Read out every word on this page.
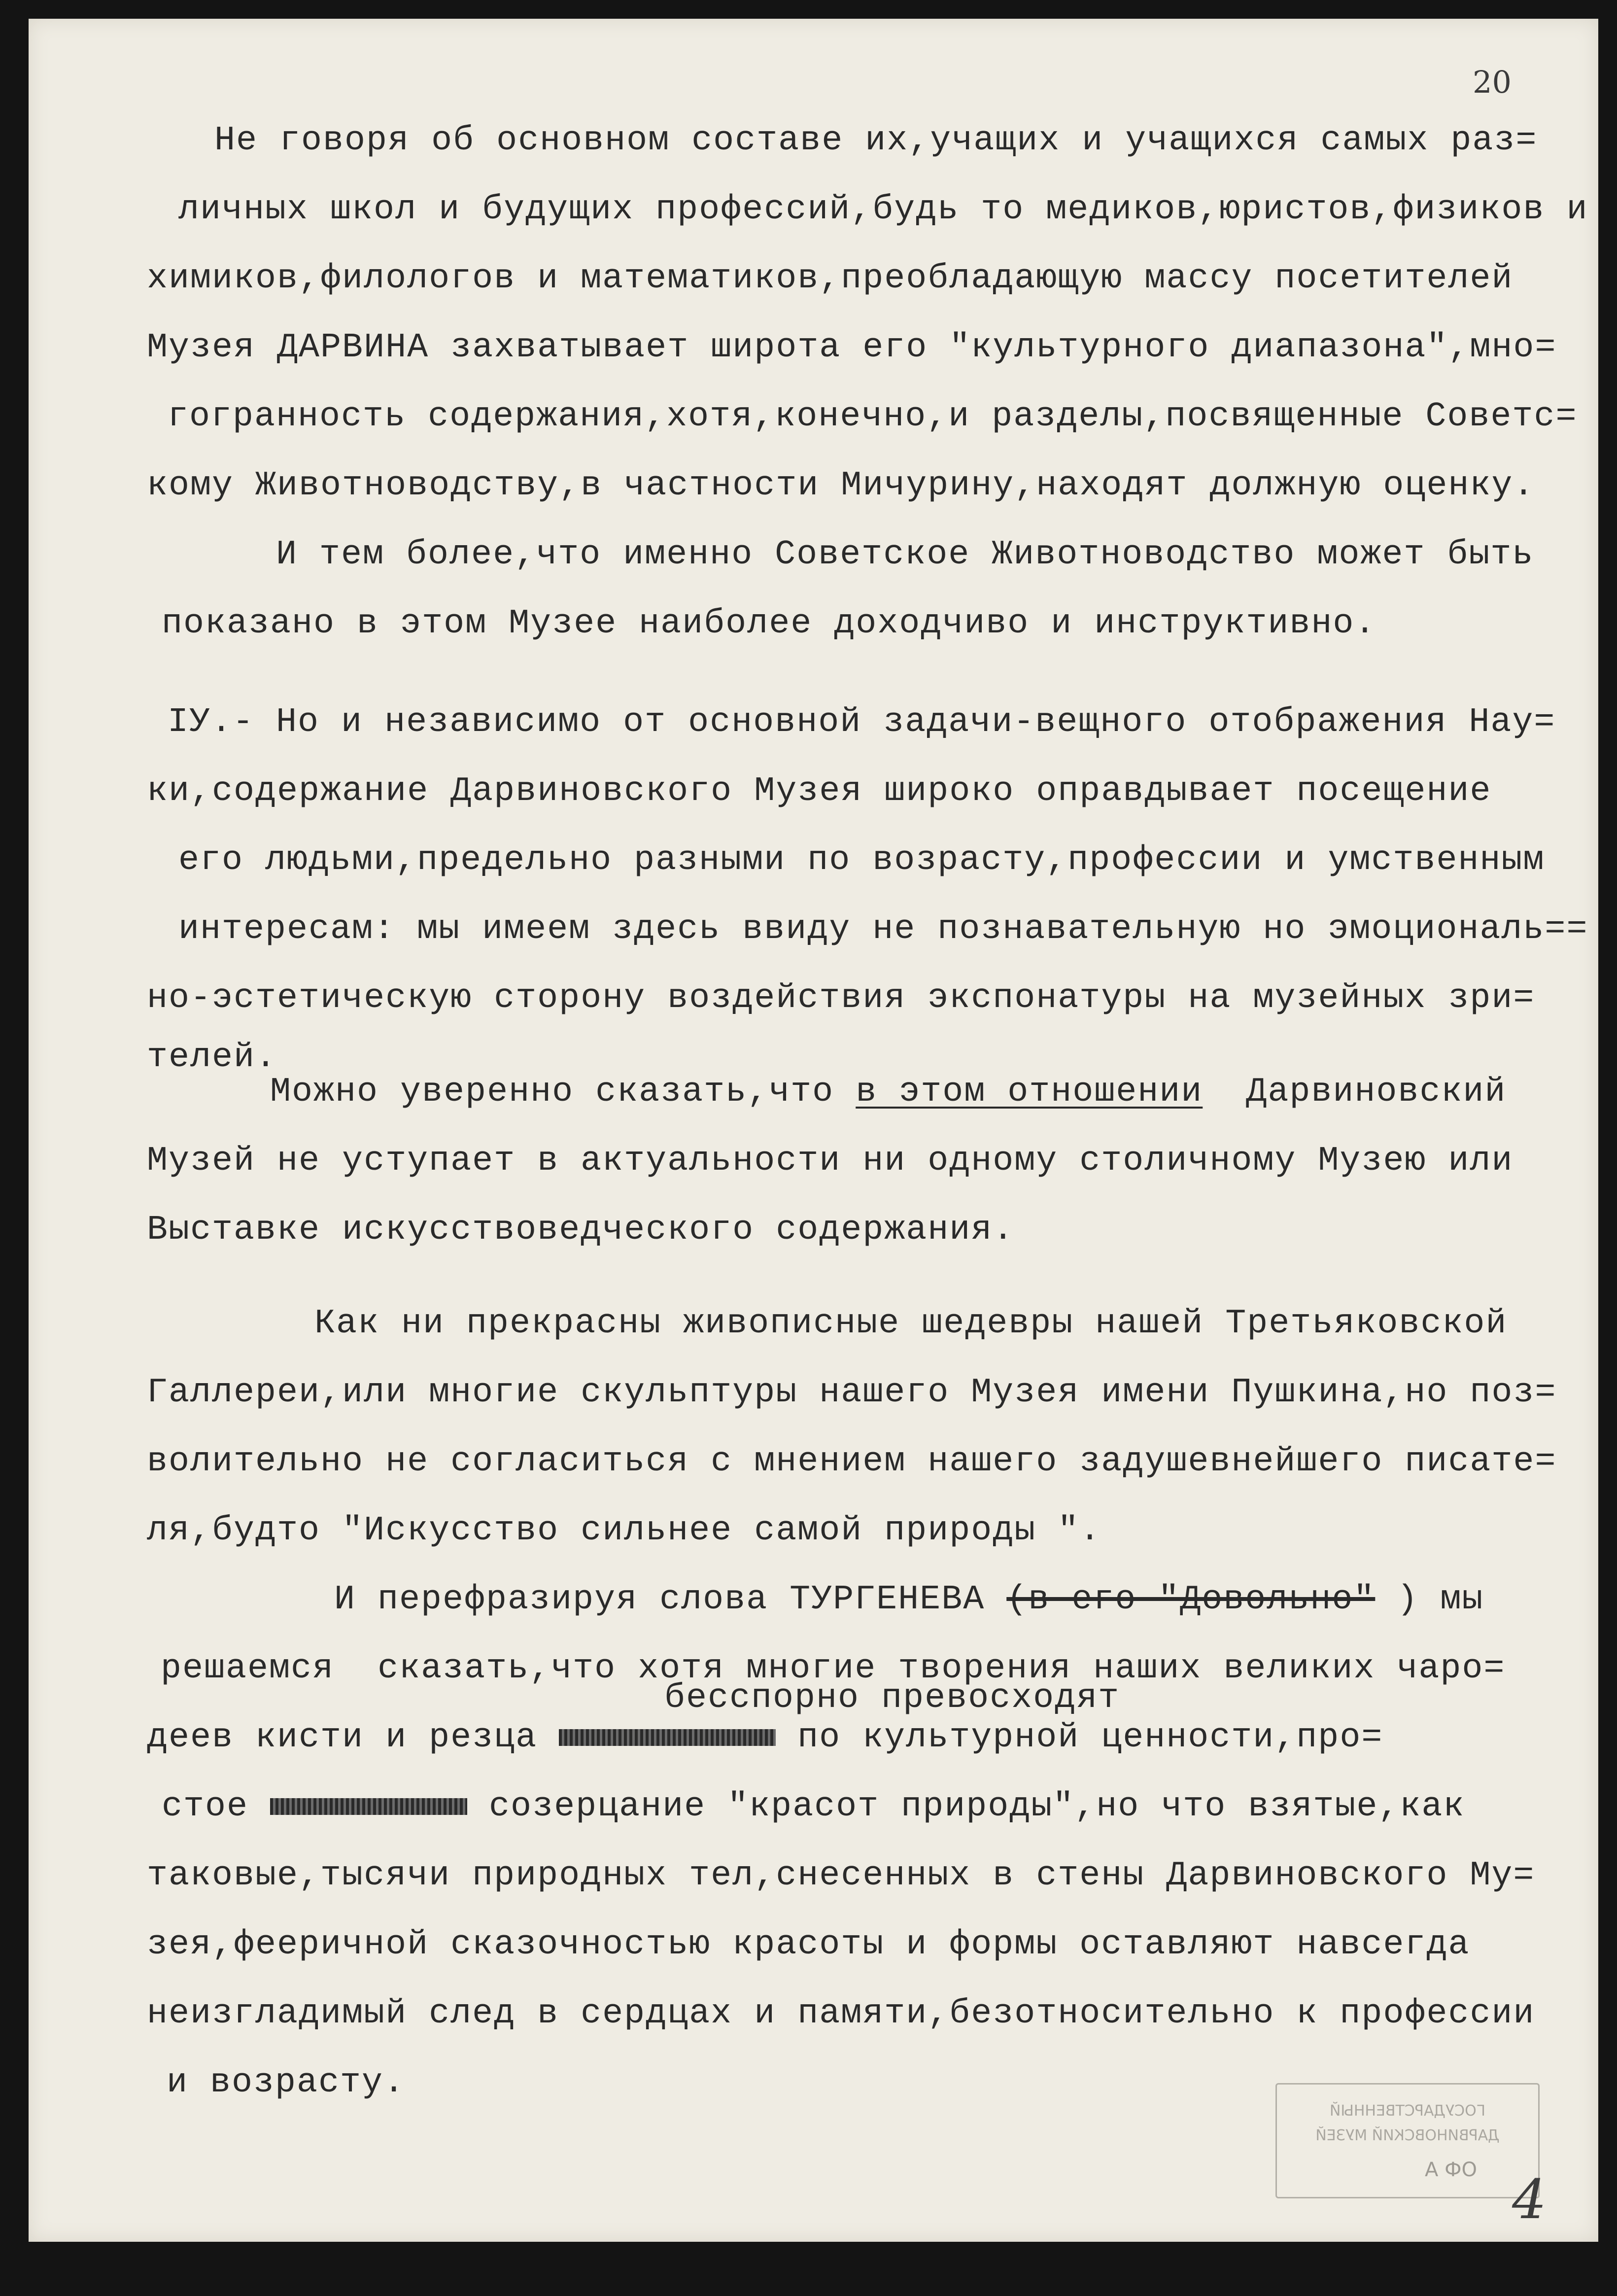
20
Не говоря об основном составе их,учащих и учащихся самых раз=
личных школ и будущих профессий,будь то медиков,юристов,физиков и
химиков,филологов и математиков,преобладающую массу посетителей
Музея ДАРВИНА захватывает широта его "культурного диапазона",мно=
гогранность содержания,хотя,конечно,и разделы,посвященные Советс=
кому Животноводству,в частности Мичурину,находят должную оценку.
И тем более,что именно Советское Животноводство может быть
показано в этом Музее наиболее доходчиво и инструктивно.
IУ.- Но и независимо от основной задачи-вещного отображения Нау=
ки,содержание Дарвиновского Музея широко оправдывает посещение
его людьми,предельно разными по возрасту,профессии и умственным
интересам: мы имеем здесь ввиду не познавательную но эмоциональ==
но-эстетическую сторону воздействия экспонатуры на музейных зри=
телей.
Можно уверенно сказать,что в этом отношении  Дарвиновский
Музей не уступает в актуальности ни одному столичному Музею или
Выставке искусствоведческого содержания.
Как ни прекрасны живописные шедевры нашей Третьяковской
Галлереи,или многие скульптуры нашего Музея имени Пушкина,но поз=
волительно не согласиться с мнением нашего задушевнейшего писате=
ля,будто "Искусство сильнее самой природы ".
И перефразируя слова ТУРГЕНЕВА (в его "Довольно" ) мы
решаемся  сказать,что хотя многие творения наших великих чаро=
бесспорно превосходят
деев кисти и резца	по культурной ценности,про=
стое	созерцание "красот природы",но что взятые,как
таковые,тысячи природных тел,снесенных в стены Дарвиновского Му=
зея,фееричной сказочностью красоты и формы оставляют навсегда
неизгладимый след в сердцах и памяти,безотносительно к профессии
и возрасту.
ГОСУДАРСТВЕННЫЙ
ДАРВИНОВСКИЙ МУЗЕЙ
А ФО 4
